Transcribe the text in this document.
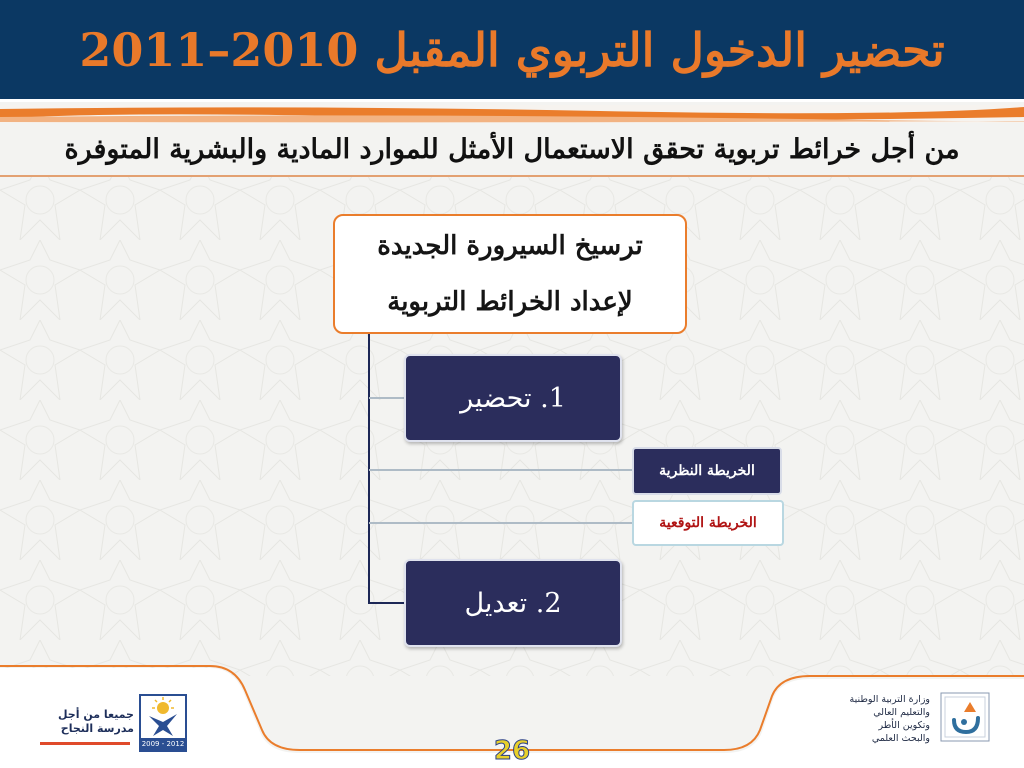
تحضير الدخول التربوي المقبل 2010–2011
من أجل خرائط تربوية تحقق الاستعمال الأمثل للموارد المادية والبشرية المتوفرة
ترسيخ السيرورة الجديدة
لإعداد الخرائط التربوية
1.

تحضير
الخريطة النظرية
الخريطة التوقعية
2.

تعديل
جميعا من أجل
مدرسة النجاح
2009 - 2012	26
وزارة التربية الوطنية
والتعليم العالي
وتكوين الأطر
والبحث العلمي
